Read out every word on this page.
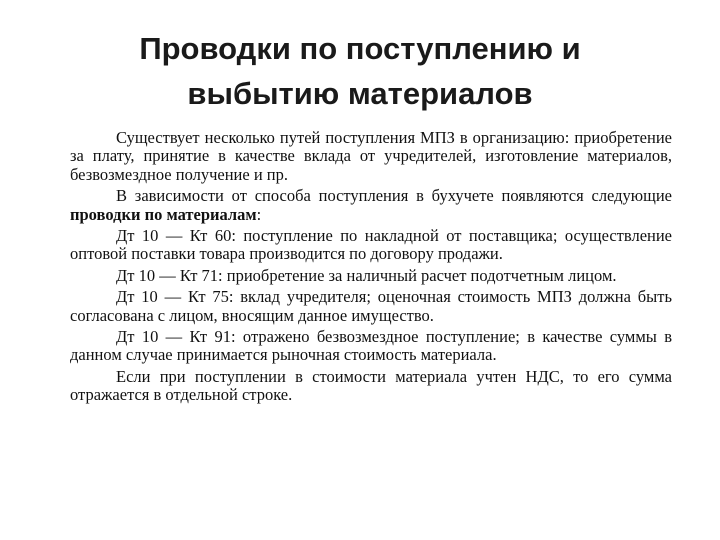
Проводки по поступлению и
выбытию материалов

Существует несколько путей поступления МПЗ в организацию: приобретение за плату, принятие в качестве вклада от учредителей, изготовление материалов, безвозмездное получение и пр.

В зависимости от способа поступления в бухучете появляются следующие проводки по материалам:

Дт 10 — Кт 60: поступление по накладной от поставщика; осуществление оптовой поставки товара производится по договору продажи.

Дт 10 — Кт 71: приобретение за наличный расчет подотчетным лицом.

Дт 10 — Кт 75: вклад учредителя; оценочная стоимость МПЗ должна быть согласована с лицом, вносящим данное имущество.

Дт 10 — Кт 91: отражено безвозмездное поступление; в качестве суммы в данном случае принимается рыночная стоимость материала.

Если при поступлении в стоимости материала учтен НДС, то его сумма отражается в отдельной строке.
